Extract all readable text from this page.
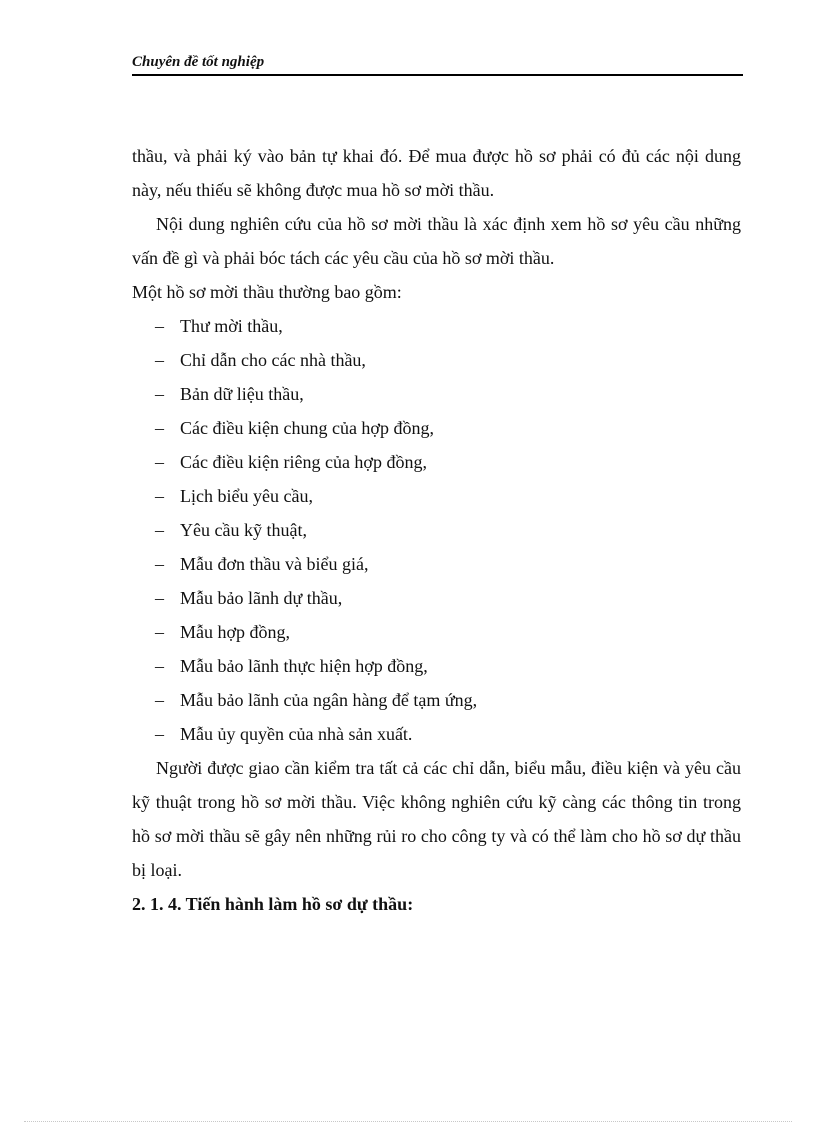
Chuyên đề tốt nghiệp

thầu, và phải ký vào bản tự khai đó. Để mua được hồ sơ phải có đủ các nội dung này, nếu thiếu sẽ không được mua hồ sơ mời thầu.

Nội dung nghiên cứu của hồ sơ mời thầu là xác định xem hồ sơ yêu cầu những vấn đề gì và phải bóc tách các yêu cầu của hồ sơ mời thầu.

Một hồ sơ mời thầu thường bao gồm:

– Thư mời thầu,
– Chỉ dẫn cho các nhà thầu,
– Bản dữ liệu thầu,
– Các điều kiện chung của hợp đồng,
– Các điều kiện riêng của hợp đồng,
– Lịch biểu yêu cầu,
– Yêu cầu kỹ thuật,
– Mẫu đơn thầu và biểu giá,
– Mẫu bảo lãnh dự thầu,
– Mẫu hợp đồng,
– Mẫu bảo lãnh thực hiện hợp đồng,
– Mẫu bảo lãnh của ngân hàng để tạm ứng,
– Mẫu ủy quyền của nhà sản xuất.

Người được giao cần kiểm tra tất cả các chỉ dẫn, biểu mẫu, điều kiện và yêu cầu kỹ thuật trong hồ sơ mời thầu. Việc không nghiên cứu kỹ càng các thông tin trong hồ sơ mời thầu sẽ gây nên những rủi ro cho công ty và có thể làm cho hồ sơ dự thầu bị loại.

2. 1. 4. Tiến hành làm hồ sơ dự thầu:
